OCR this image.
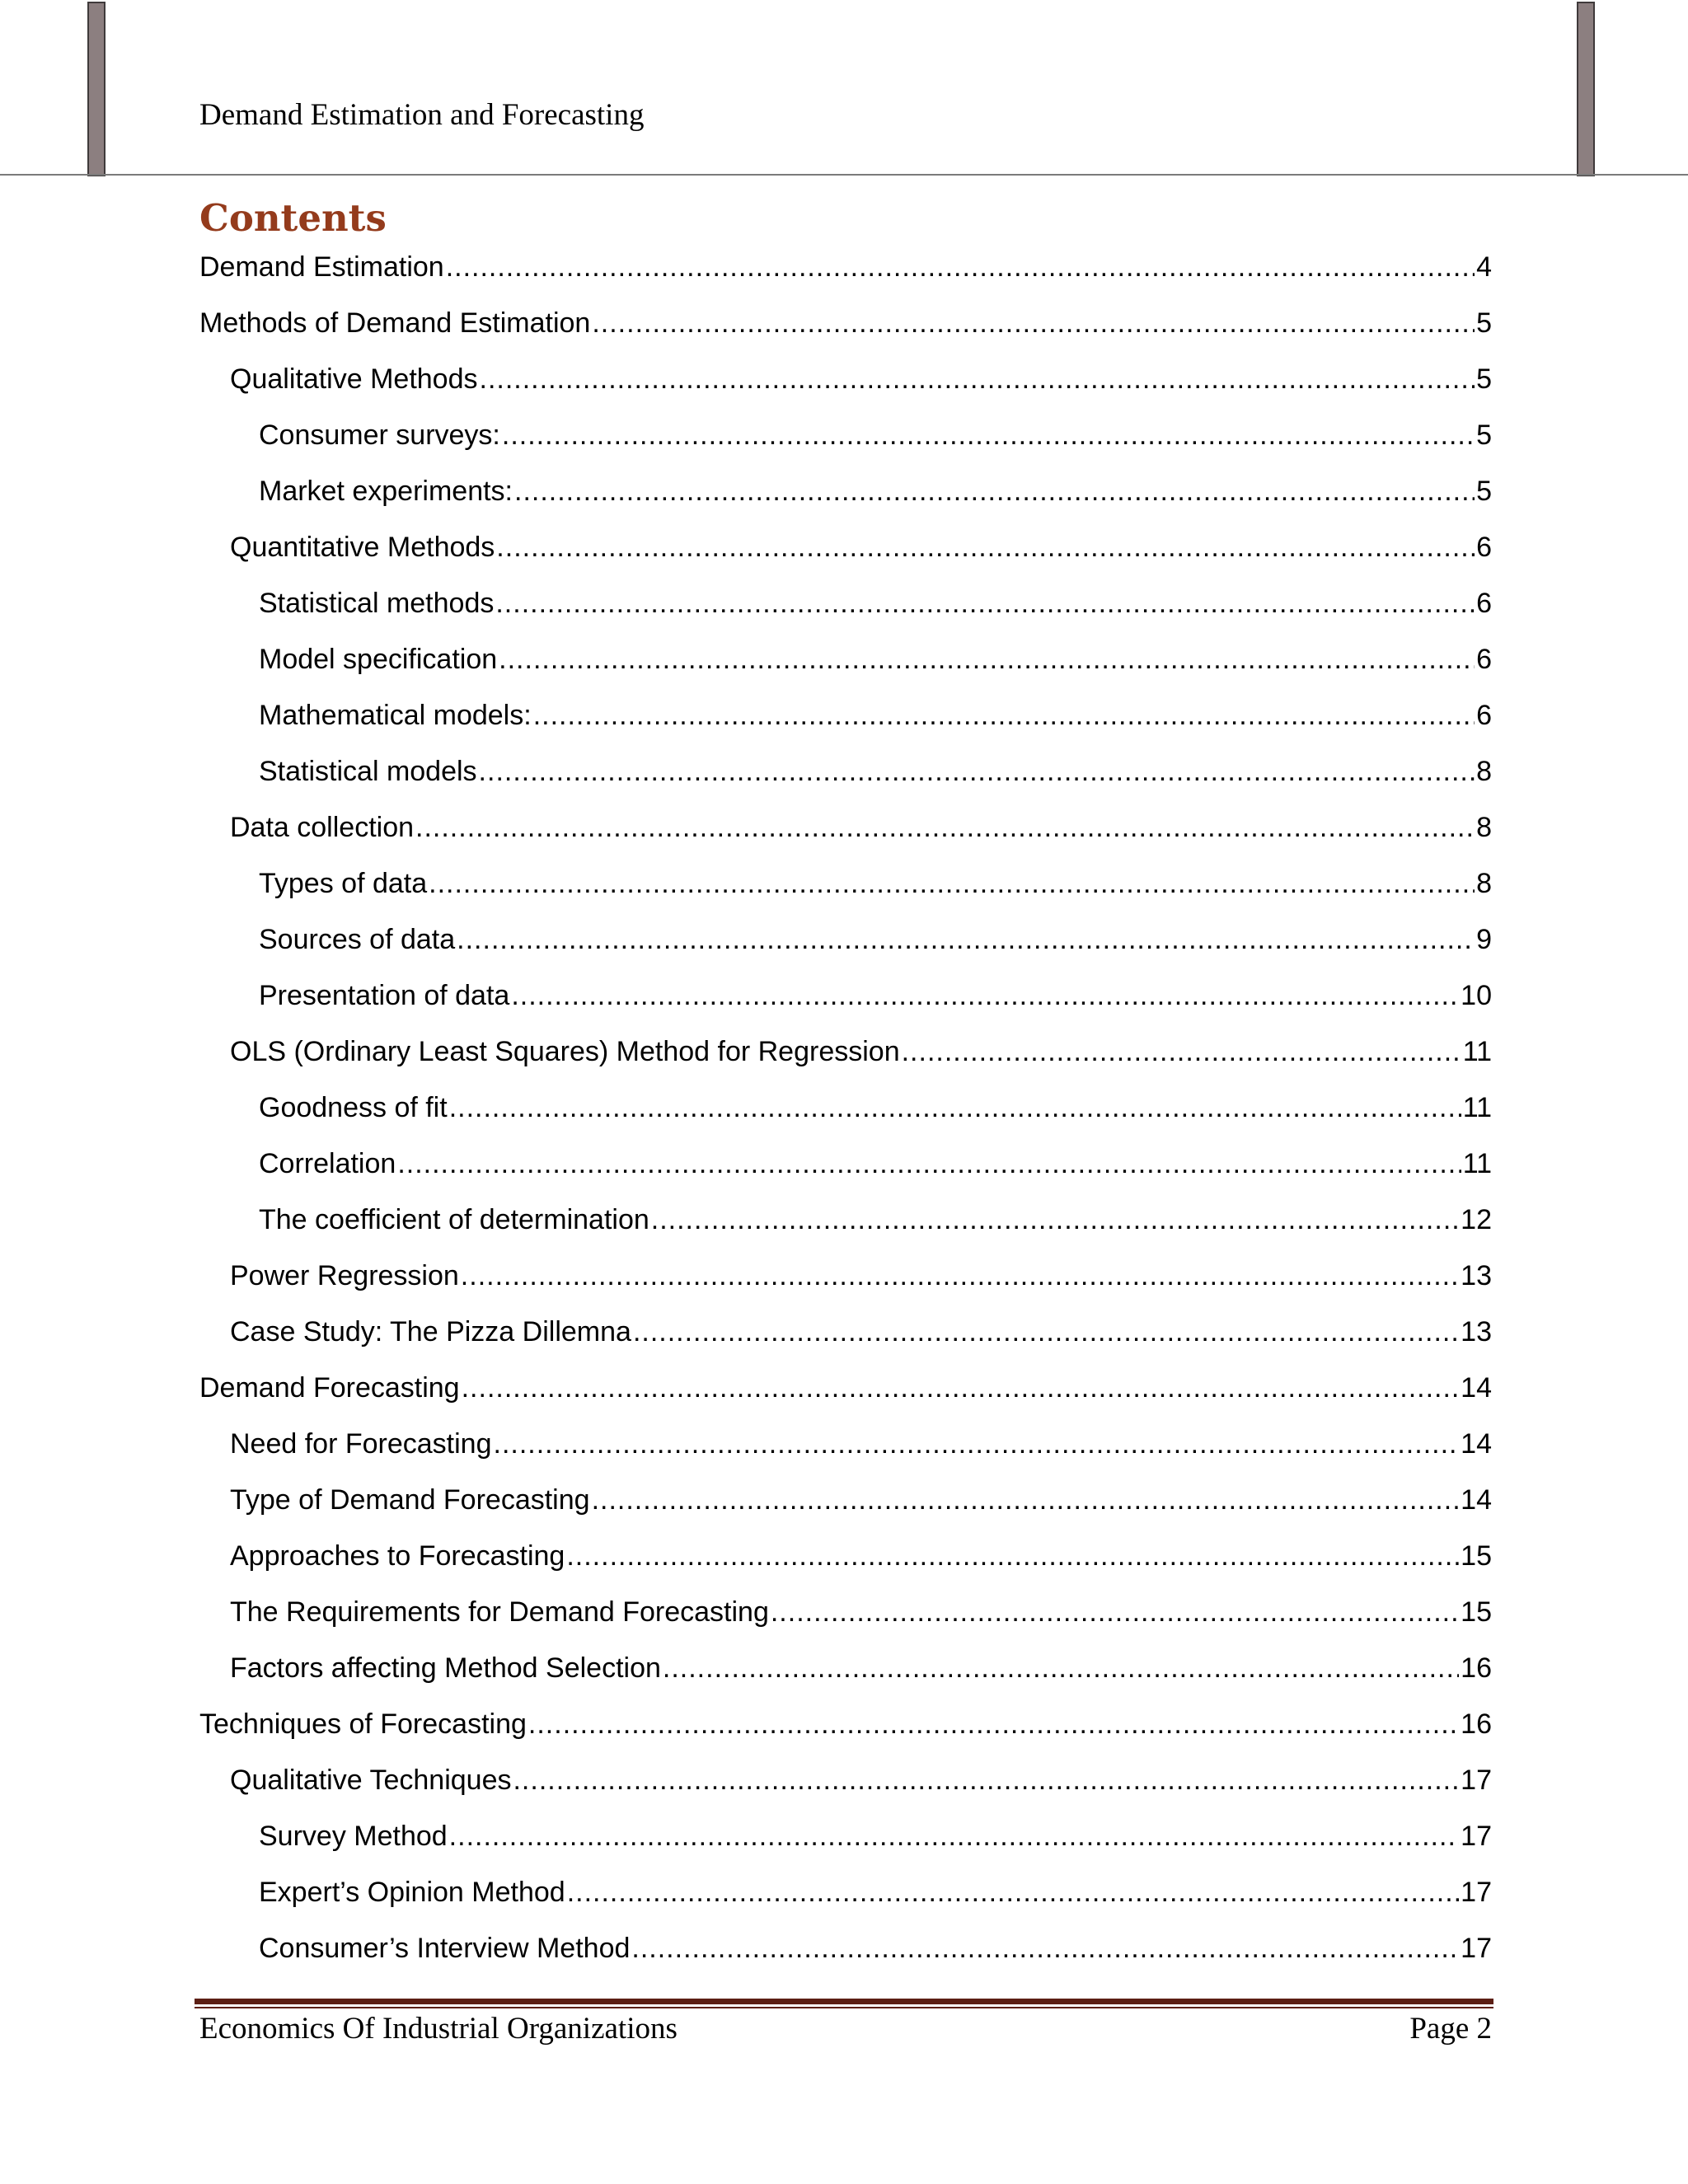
Demand Estimation and Forecasting
Contents
Demand Estimation .....	4
Methods of Demand Estimation .....	5
Qualitative Methods .....	5
Consumer surveys: .....	5
Market experiments: .....	5
Quantitative Methods .....	6
Statistical methods .....	6
Model specification .....	6
Mathematical models: .....	6
Statistical models .....	8
Data collection .....	8
Types of data .....	8
Sources of data .....	9
Presentation of data .....	10
OLS (Ordinary Least Squares) Method for Regression .....	11
Goodness of fit .....	11
Correlation .....	11
The coefficient of determination .....	12
Power Regression .....	13
Case Study: The Pizza Dillemna .....	13
Demand Forecasting .....	14
Need for Forecasting .....	14
Type of Demand Forecasting .....	14
Approaches to Forecasting .....	15
The Requirements for Demand Forecasting .....	15
Factors affecting Method Selection .....	16
Techniques of Forecasting .....	16
Qualitative Techniques .....	17
Survey Method .....	17
Expert’s Opinion Method .....	17
Consumer’s Interview Method .....	17
Economics Of Industrial Organizations	Page 2
